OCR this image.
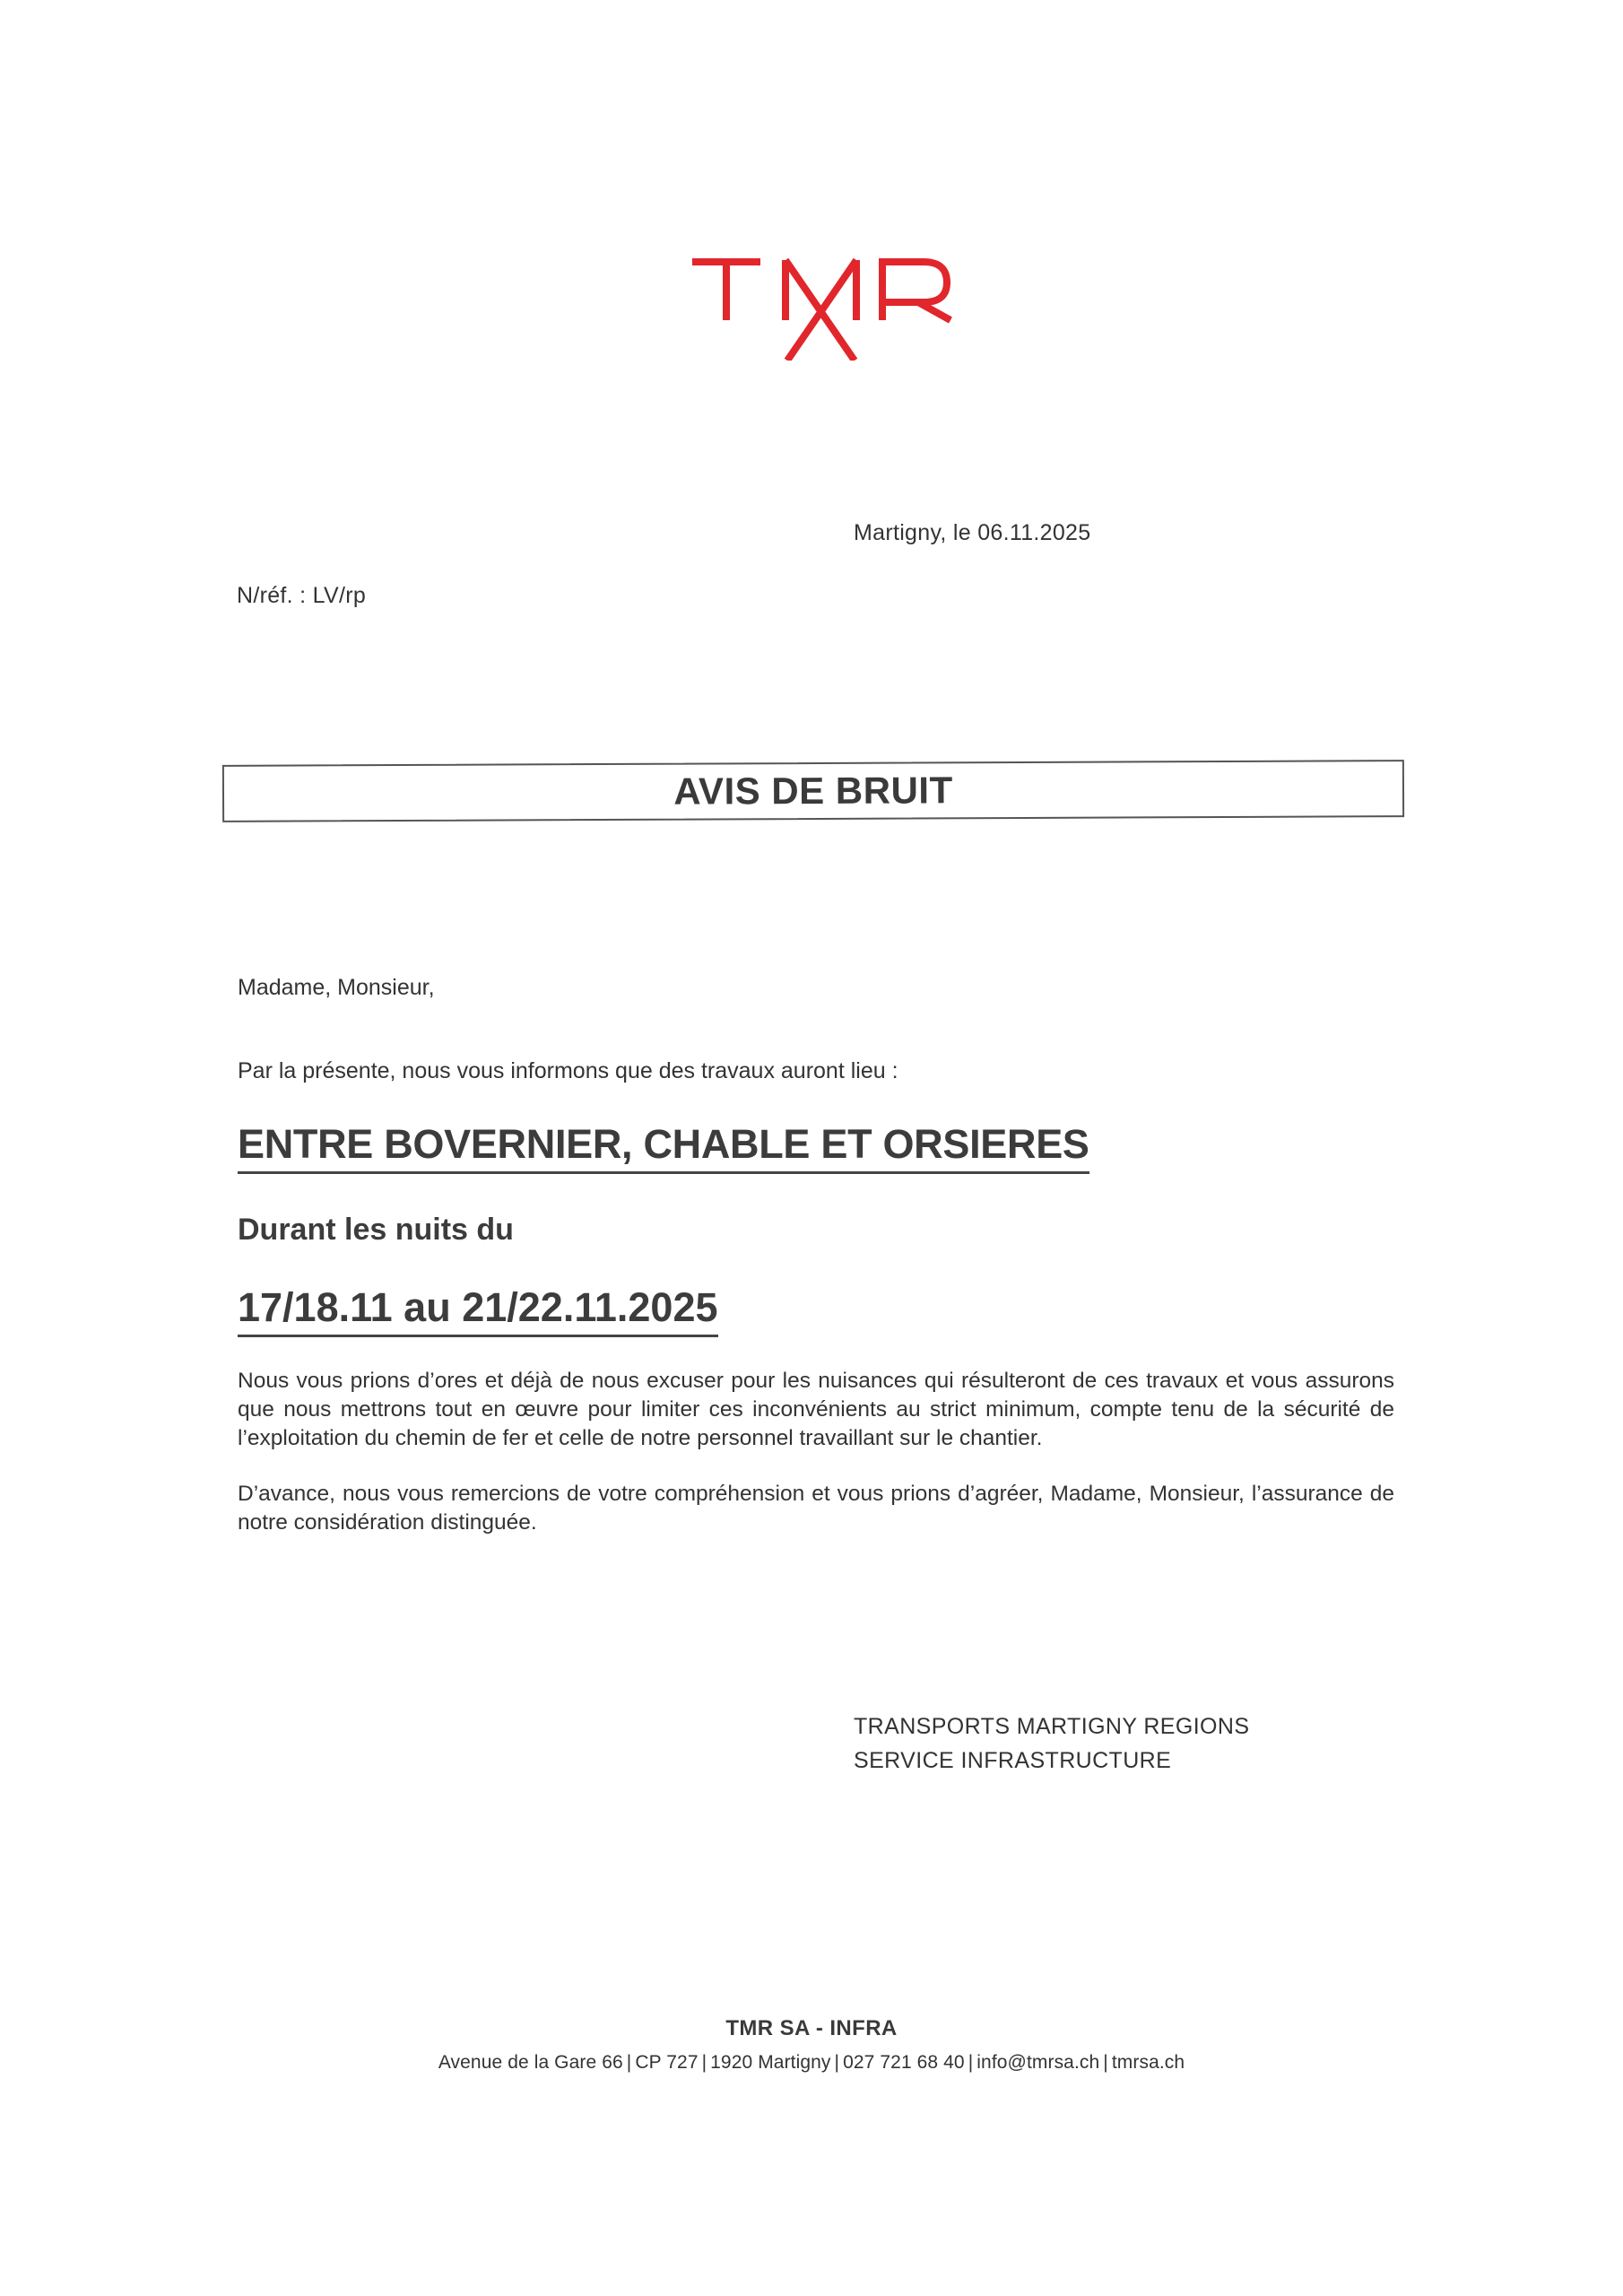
Martigny, le 06.11.2025
N/réf. : LV/rp
AVIS DE BRUIT
Madame, Monsieur,
Par la présente, nous vous informons que des travaux auront lieu :
ENTRE BOVERNIER, CHABLE ET ORSIERES
Durant les nuits du
17/18.11 au 21/22.11.2025

Nous vous prions d’ores et déjà de nous excuser pour les nuisances qui résulteront de ces travaux et vous assurons que nous mettrons tout en œuvre pour limiter ces inconvénients au strict minimum, compte tenu de la sécurité de l’exploitation du chemin de fer et celle de notre personnel travaillant sur le chantier.

D’avance, nous vous remercions de votre compréhension et vous prions d’agréer, Madame, Monsieur, l’assurance de notre considération distinguée.

TRANSPORTS MARTIGNY REGIONS
SERVICE INFRASTRUCTURE
TMR SA - INFRA
Avenue de la Gare 66 | CP 727 | 1920 Martigny | 027 721 68 40 | info@tmrsa.ch | tmrsa.ch
